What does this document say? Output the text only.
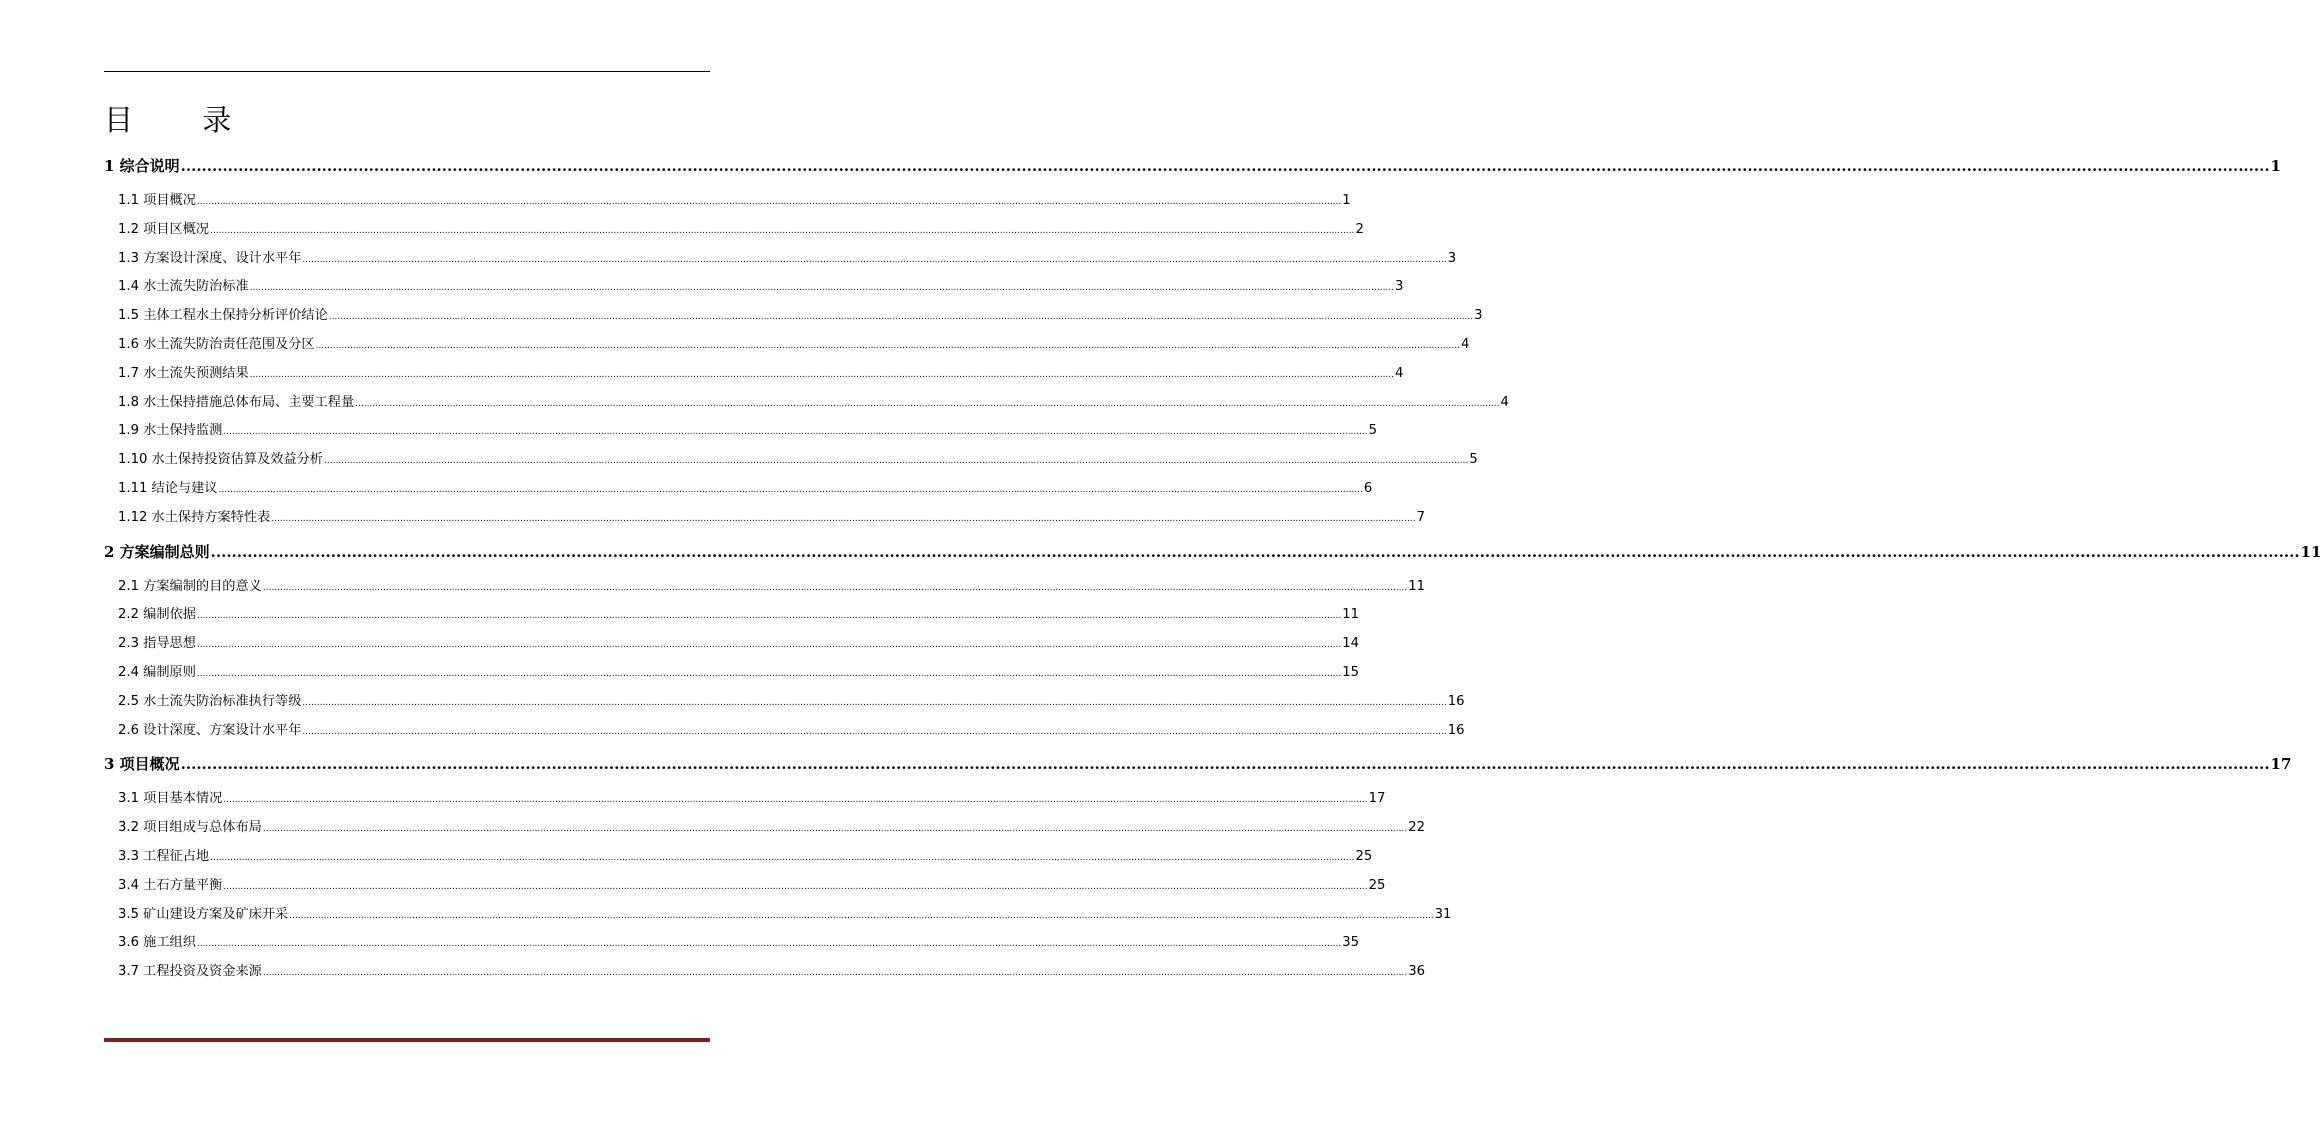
目 录
1 综合说明 ................................................................................................................................................................................................................................................................................................................................................................................................................ 1
1.1 项目概况 ................................................................................................................................................................................................................................................................................................................................................................................................................ 1
1.2 项目区概况 ................................................................................................................................................................................................................................................................................................................................................................................................................ 2
1.3 方案设计深度、设计水平年 ................................................................................................................................................................................................................................................................................................................................................................................................................ 3
1.4 水土流失防治标准 ................................................................................................................................................................................................................................................................................................................................................................................................................ 3
1.5 主体工程水土保持分析评价结论 ................................................................................................................................................................................................................................................................................................................................................................................................................ 3
1.6 水土流失防治责任范围及分区 ................................................................................................................................................................................................................................................................................................................................................................................................................ 4
1.7 水土流失预测结果 ................................................................................................................................................................................................................................................................................................................................................................................................................ 4
1.8 水土保持措施总体布局、主要工程量 ................................................................................................................................................................................................................................................................................................................................................................................................................ 4
1.9 水土保持监测 ................................................................................................................................................................................................................................................................................................................................................................................................................ 5
1.10 水土保持投资估算及效益分析 ................................................................................................................................................................................................................................................................................................................................................................................................................ 5
1.11 结论与建议 ................................................................................................................................................................................................................................................................................................................................................................................................................ 6
1.12 水土保持方案特性表 ................................................................................................................................................................................................................................................................................................................................................................................................................ 7
2 方案编制总则 ................................................................................................................................................................................................................................................................................................................................................................................................................ 11
2.1 方案编制的目的意义 ................................................................................................................................................................................................................................................................................................................................................................................................................ 11
2.2 编制依据 ................................................................................................................................................................................................................................................................................................................................................................................................................ 11
2.3 指导思想 ................................................................................................................................................................................................................................................................................................................................................................................................................ 14
2.4 编制原则 ................................................................................................................................................................................................................................................................................................................................................................................................................ 15
2.5 水土流失防治标准执行等级 ................................................................................................................................................................................................................................................................................................................................................................................................................ 16
2.6 设计深度、方案设计水平年 ................................................................................................................................................................................................................................................................................................................................................................................................................ 16
3 项目概况 ................................................................................................................................................................................................................................................................................................................................................................................................................ 17
3.1 项目基本情况 ................................................................................................................................................................................................................................................................................................................................................................................................................ 17
3.2 项目组成与总体布局 ................................................................................................................................................................................................................................................................................................................................................................................................................ 22
3.3 工程征占地 ................................................................................................................................................................................................................................................................................................................................................................................................................ 25
3.4 土石方量平衡 ................................................................................................................................................................................................................................................................................................................................................................................................................ 25
3.5 矿山建设方案及矿床开采 ................................................................................................................................................................................................................................................................................................................................................................................................................ 31
3.6 施工组织 ................................................................................................................................................................................................................................................................................................................................................................................................................ 35
3.7 工程投资及资金来源 ................................................................................................................................................................................................................................................................................................................................................................................................................ 36
